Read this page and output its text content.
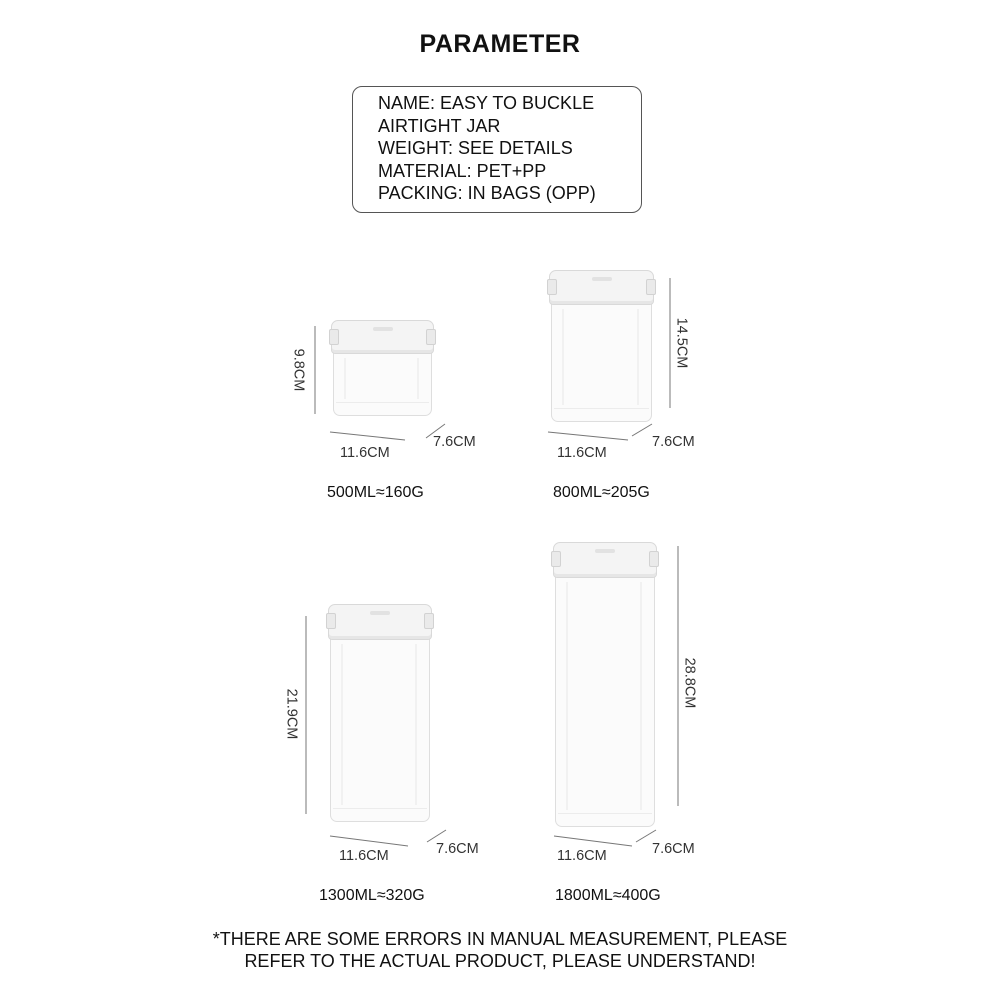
PARAMETER
NAME: EASY TO BUCKLE
AIRTIGHT JAR
WEIGHT: SEE DETAILS
MATERIAL: PET+PP
PACKING: IN BAGS (OPP)
9.8CM
11.6CM
7.6CM
500ML≈160G
14.5CM
11.6CM
7.6CM
800ML≈205G
21.9CM
11.6CM	7.6CM
1300ML≈320G
28.8CM
11.6CM	7.6CM
1800ML≈400G
*THERE ARE SOME ERRORS IN MANUAL MEASUREMENT, PLEASE
REFER TO THE ACTUAL PRODUCT, PLEASE UNDERSTAND!
